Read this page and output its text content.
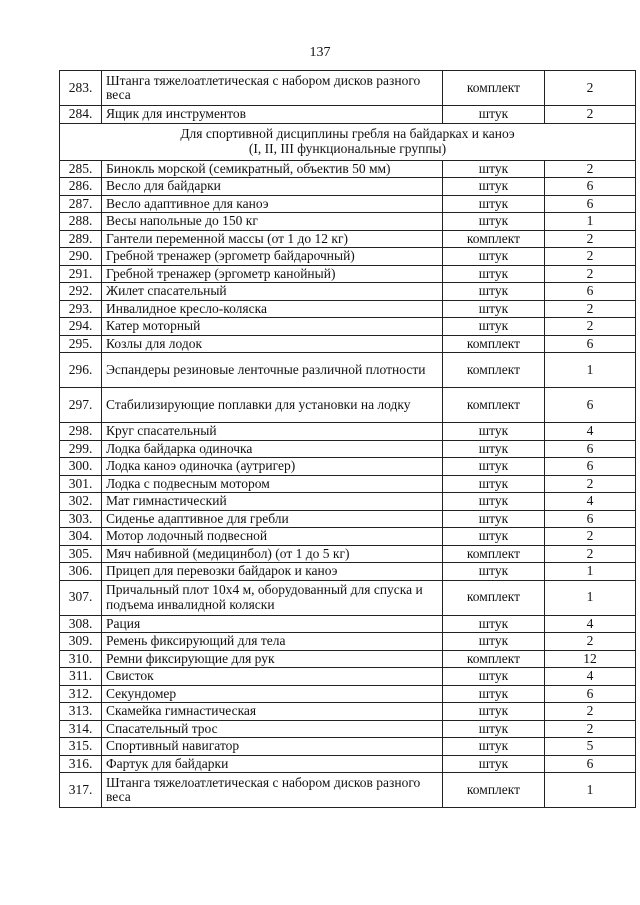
137
283.	Штанга тяжелоатлетическая с набором дисков разного веса	комплект	2
284.	Ящик для инструментов	штук	2

Для спортивной дисциплины гребля на байдарках и каноэ
(I, II, III функциональные группы)			

285.	Бинокль морской (семикратный, объектив 50 мм)	штук	2
286.	Весло для байдарки	штук	6
287.	Весло адаптивное для каноэ	штук	6
288.	Весы напольные до 150 кг	штук	1
289.	Гантели переменной массы (от 1 до 12 кг)	комплект	2
290.	Гребной тренажер (эргометр байдарочный)	штук	2
291.	Гребной тренажер (эргометр канойный)	штук	2
292.	Жилет спасательный	штук	6
293.	Инвалидное кресло-коляска	штук	2
294.	Катер моторный	штук	2
295.	Козлы для лодок	комплект	6
296.	Эспандеры резиновые ленточные различной плотности	комплект	1
297.	Стабилизирующие поплавки для установки на лодку	комплект	6
298.	Круг спасательный	штук	4
299.	Лодка байдарка одиночка	штук	6
300.	Лодка каноэ одиночка (аутригер)	штук	6
301.	Лодка с подвесным мотором	штук	2
302.	Мат гимнастический	штук	4
303.	Сиденье адаптивное для гребли	штук	6
304.	Мотор лодочный подвесной	штук	2
305.	Мяч набивной (медицинбол) (от 1 до 5 кг)	комплект	2
306.	Прицеп для перевозки байдарок и каноэ	штук	1
307.	Причальный плот 10х4 м, оборудованный для спуска и подъема инвалидной коляски	комплект	1
308.	Рация	штук	4
309.	Ремень фиксирующий для тела	штук	2
310.	Ремни фиксирующие для рук	комплект	12
311.	Свисток	штук	4
312.	Секундомер	штук	6
313.	Скамейка гимнастическая	штук	2
314.	Спасательный трос	штук	2
315.	Спортивный навигатор	штук	5
316.	Фартук для байдарки	штук	6
317.	Штанга тяжелоатлетическая с набором дисков разного веса	комплект	1
